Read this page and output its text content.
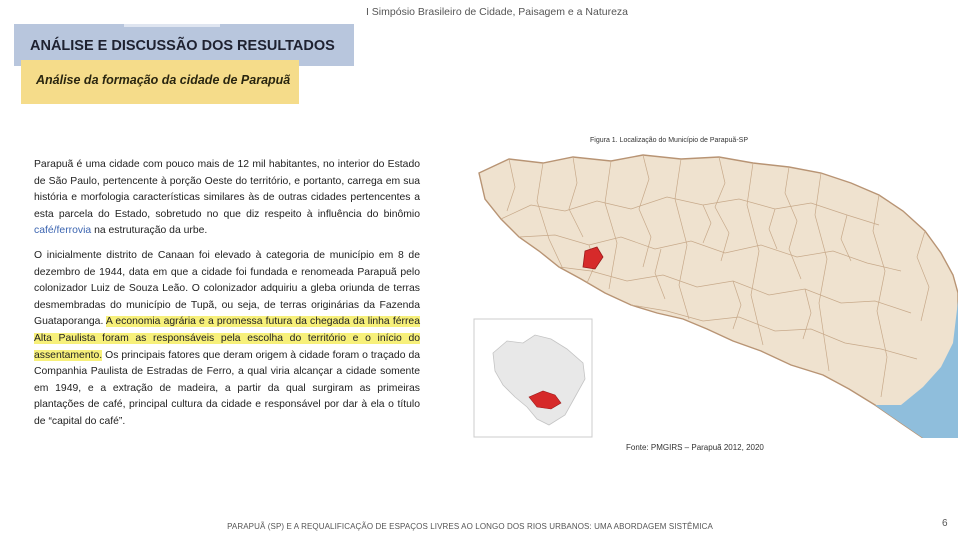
I Simpósio Brasileiro de Cidade, Paisagem e a Natureza
ANÁLISE E DISCUSSÃO DOS RESULTADOS
Análise da formação da cidade de Parapuã
Figura 1. Localização do Município de Parapuã-SP

Parapuã é uma cidade com pouco mais de 12 mil habitantes, no interior do Estado de São Paulo, pertencente à porção Oeste do território, e portanto, carrega em sua história e morfologia características similares às de outras cidades pertencentes a esta parcela do Estado, sobretudo no que diz respeito à influência do binômio café/ferrovia na estruturação da urbe.

O inicialmente distrito de Canaan foi elevado à categoria de município em 8 de dezembro de 1944, data em que a cidade foi fundada e renomeada Parapuã pelo colonizador Luiz de Souza Leão. O colonizador adquiriu a gleba oriunda de terras desmembradas do município de Tupã, ou seja, de terras originárias da Fazenda Guataporanga. A economia agrária e a promessa futura da chegada da linha férrea Alta Paulista foram as responsáveis pela escolha do território e o início do assentamento. Os principais fatores que deram origem à cidade foram o traçado da Companhia Paulista de Estradas de Ferro, a qual viria alcançar a cidade somente em 1949, e a extração de madeira, a partir da qual surgiram as primeiras plantações de café, principal cultura da cidade e responsável por dar à ela o título de “capital do café”.

Fonte: PMGIRS – Parapuã 2012, 2020
PARAPUÃ (SP) E A REQUALIFICAÇÃO DE ESPAÇOS LIVRES AO LONGO DOS RIOS URBANOS: UMA ABORDAGEM SISTÊMICA	6
